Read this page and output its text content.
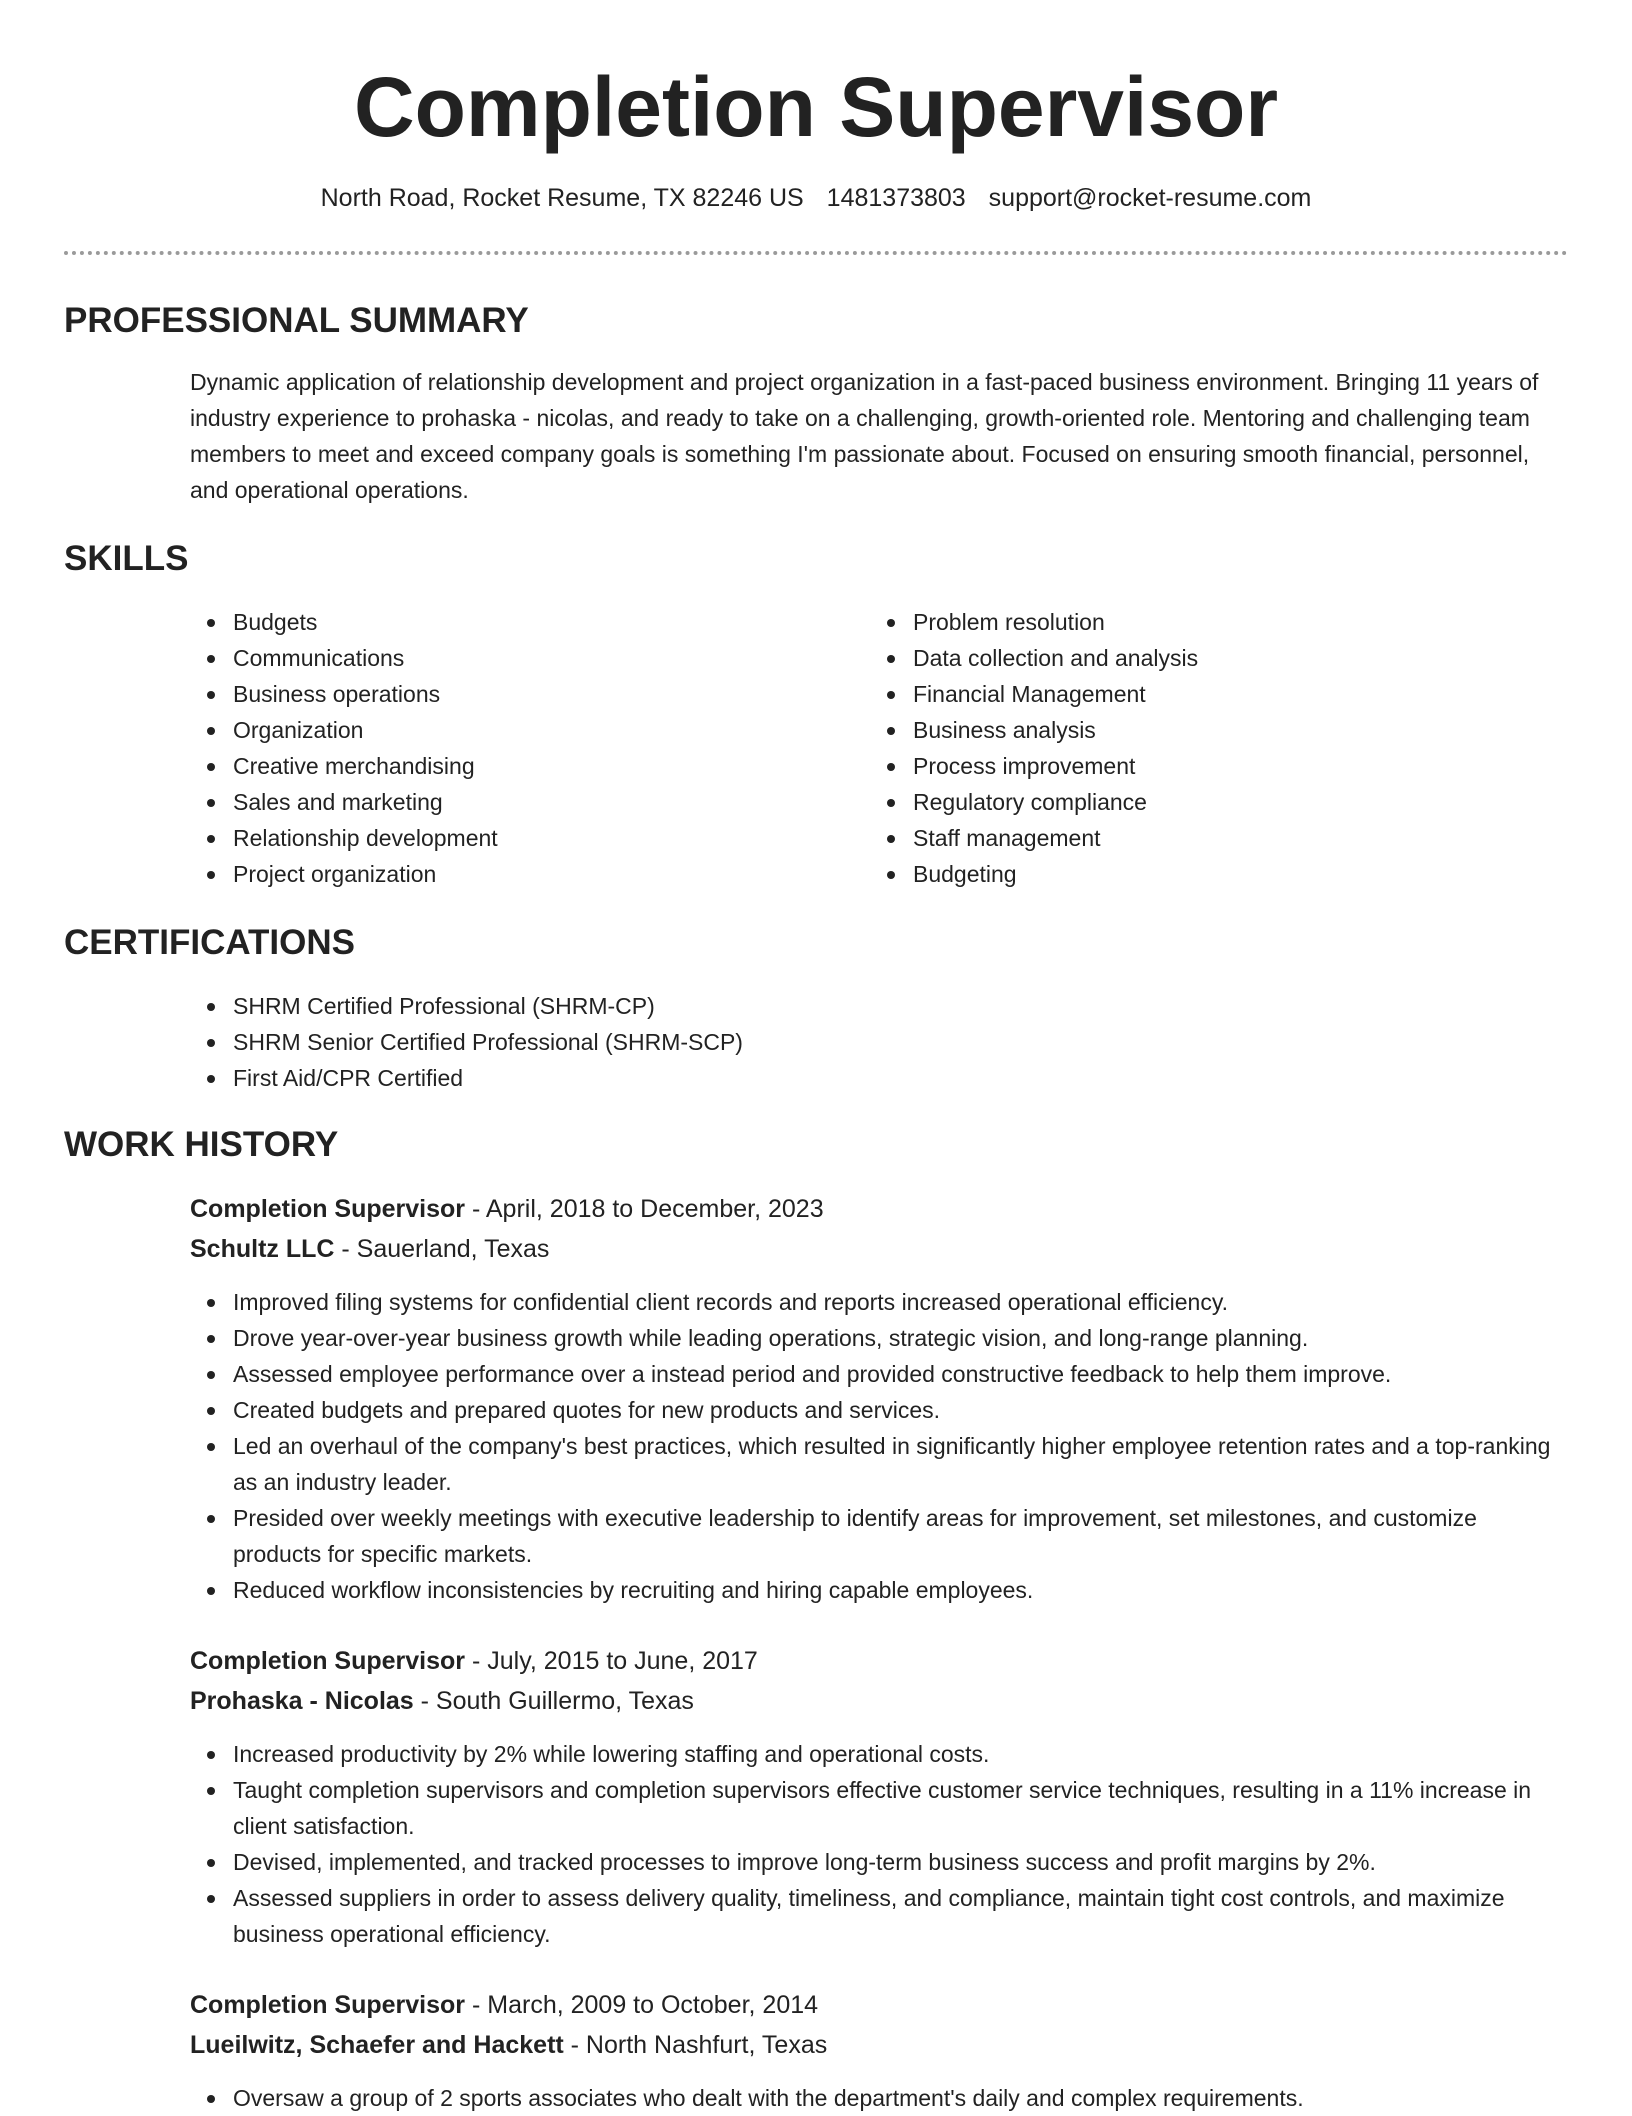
Completion Supervisor
North Road, Rocket Resume, TX 82246 US 1481373803 support@rocket-resume.com
PROFESSIONAL SUMMARY

Dynamic application of relationship development and project organization in a fast-paced business environment. Bringing 11 years of industry experience to prohaska - nicolas, and ready to take on a challenging, growth-oriented role. Mentoring and challenging team members to meet and exceed company goals is something I'm passionate about. Focused on ensuring smooth financial, personnel, and operational operations.

SKILLS
Budgets
Communications
Business operations
Organization
Creative merchandising
Sales and marketing
Relationship development
Project organization
Problem resolution
Data collection and analysis
Financial Management
Business analysis
Process improvement
Regulatory compliance
Staff management
Budgeting
CERTIFICATIONS
SHRM Certified Professional (SHRM-CP)
SHRM Senior Certified Professional (SHRM-SCP)
First Aid/CPR Certified
WORK HISTORY
Completion Supervisor - April, 2018 to December, 2023
Schultz LLC - Sauerland, Texas
Improved filing systems for confidential client records and reports increased operational efficiency.
Drove year-over-year business growth while leading operations, strategic vision, and long-range planning.
Assessed employee performance over a instead period and provided constructive feedback to help them improve.
Created budgets and prepared quotes for new products and services.
Led an overhaul of the company's best practices, which resulted in significantly higher employee retention rates and a top-ranking as an industry leader.
Presided over weekly meetings with executive leadership to identify areas for improvement, set milestones, and customize products for specific markets.
Reduced workflow inconsistencies by recruiting and hiring capable employees.
Completion Supervisor - July, 2015 to June, 2017
Prohaska - Nicolas - South Guillermo, Texas
Increased productivity by 2% while lowering staffing and operational costs.
Taught completion supervisors and completion supervisors effective customer service techniques, resulting in a 11% increase in client satisfaction.
Devised, implemented, and tracked processes to improve long-term business success and profit margins by 2%.
Assessed suppliers in order to assess delivery quality, timeliness, and compliance, maintain tight cost controls, and maximize business operational efficiency.
Completion Supervisor - March, 2009 to October, 2014
Lueilwitz, Schaefer and Hackett - North Nashfurt, Texas
Oversaw a group of 2 sports associates who dealt with the department's daily and complex requirements.
